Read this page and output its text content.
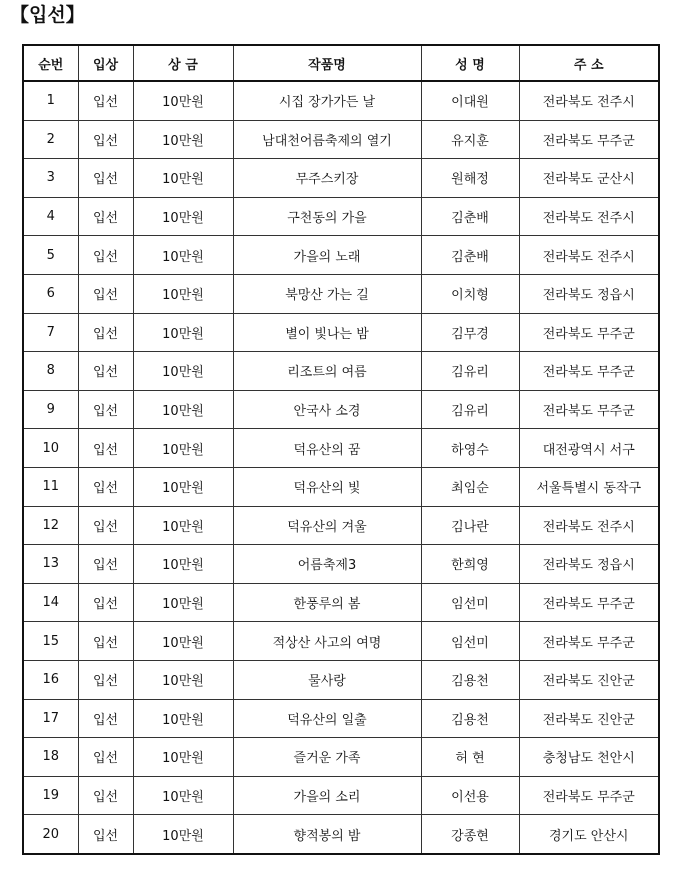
【입선】
순번	입상	상 금	작품명	성 명	주 소
1	입선	10만원	시집 장가가든 날	이대원	전라북도 전주시
2	입선	10만원	남대천어름축제의 열기	유지훈	전라북도 무주군
3	입선	10만원	무주스키장	원해정	전라북도 군산시
4	입선	10만원	구천동의 가을	김춘배	전라북도 전주시
5	입선	10만원	가을의 노래	김춘배	전라북도 전주시
6	입선	10만원	북망산 가는 길	이치형	전라북도 정읍시
7	입선	10만원	별이 빛나는 밤	김무경	전라북도 무주군
8	입선	10만원	리조트의 여름	김유리	전라북도 무주군
9	입선	10만원	안국사 소경	김유리	전라북도 무주군
10	입선	10만원	덕유산의 꿈	하영수	대전광역시 서구
11	입선	10만원	덕유산의 빛	최임순	서울특별시 동작구
12	입선	10만원	덕유산의 겨울	김나란	전라북도 전주시
13	입선	10만원	어름축제3	한희영	전라북도 정읍시
14	입선	10만원	한풍루의 봄	임선미	전라북도 무주군
15	입선	10만원	적상산 사고의 여명	임선미	전라북도 무주군
16	입선	10만원	물사랑	김용천	전라북도 진안군
17	입선	10만원	덕유산의 일출	김용천	전라북도 진안군
18	입선	10만원	즐거운 가족	허 현	충청남도 천안시
19	입선	10만원	가을의 소리	이선용	전라북도 무주군
20	입선	10만원	향적봉의 밤	강종현	경기도 안산시
